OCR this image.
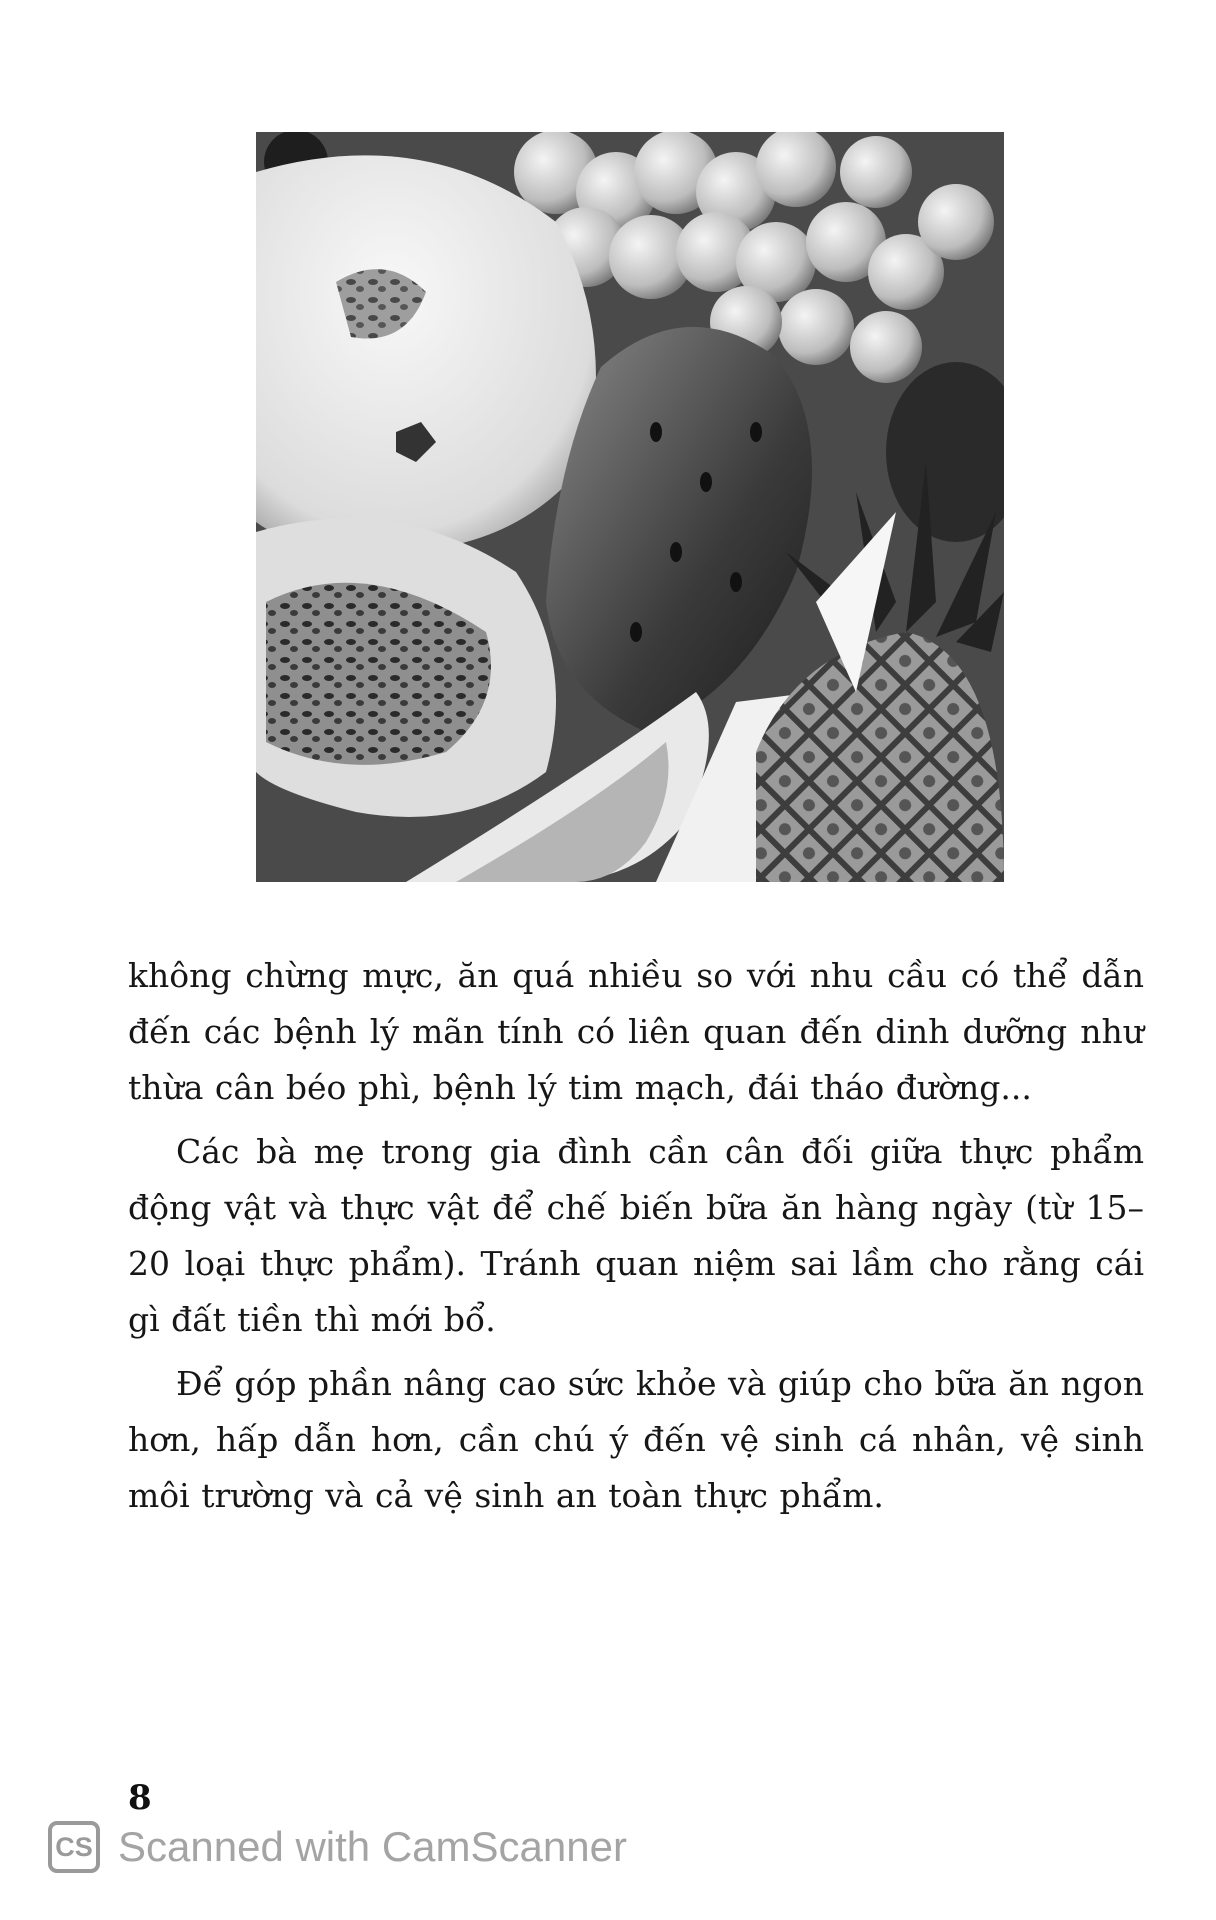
không chừng mực, ăn quá nhiều so với nhu cầu có thể dẫn đến các bệnh lý mãn tính có liên quan đến dinh dưỡng như thừa cân béo phì, bệnh lý tim mạch, đái tháo đường...

Các bà mẹ trong gia đình cần cân đối giữa thực phẩm động vật và thực vật để chế biến bữa ăn hàng ngày (từ 15–20 loại thực phẩm). Tránh quan niệm sai lầm cho rằng cái gì đất tiền thì mới bổ.

Để góp phần nâng cao sức khỏe và giúp cho bữa ăn ngon hơn, hấp dẫn hơn, cần chú ý đến vệ sinh cá nhân, vệ sinh môi trường và cả vệ sinh an toàn thực phẩm.

8
CS Scanned with CamScanner
